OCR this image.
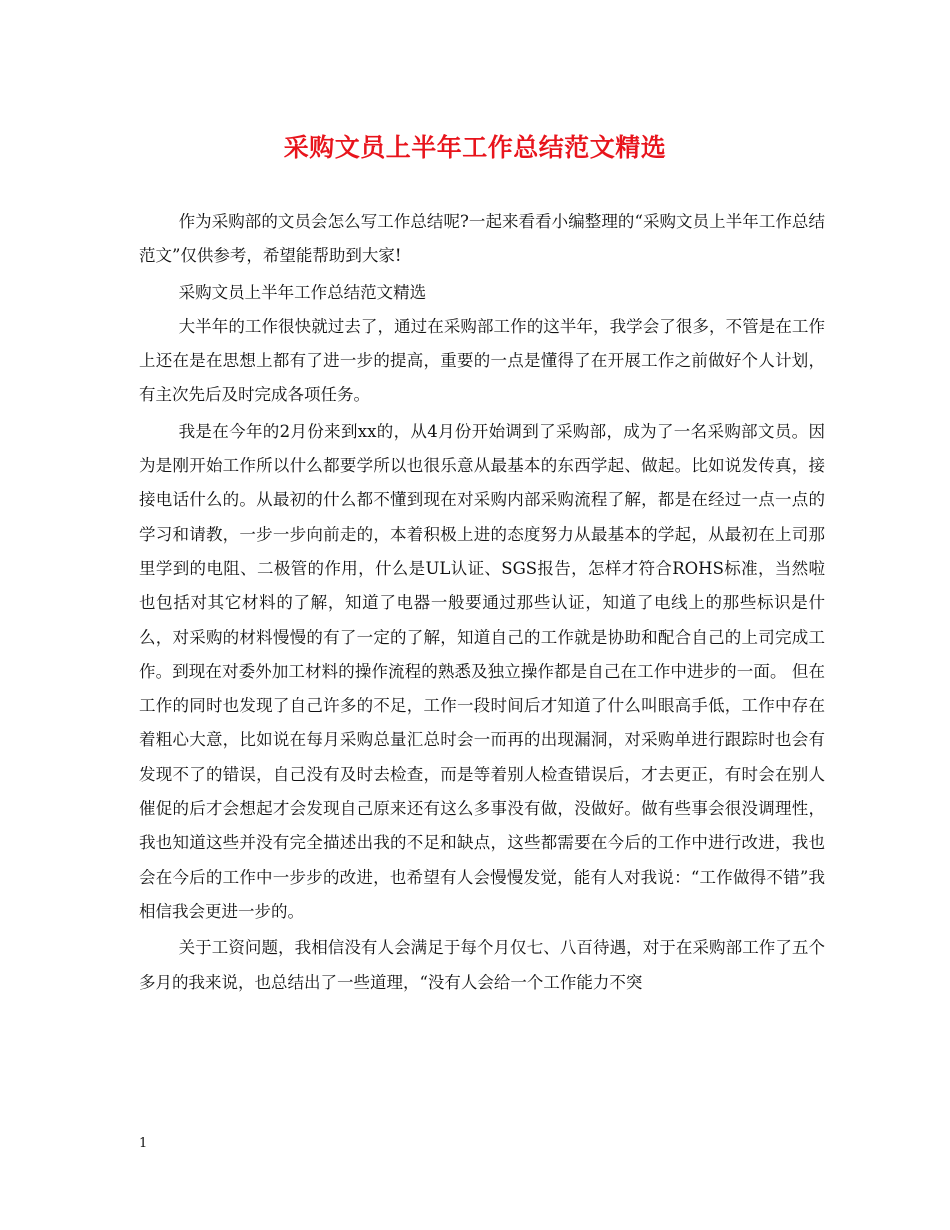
采购文员上半年工作总结范文精选

作为采购部的文员会怎么写工作总结呢?一起来看看小编整理的“采购文员上半年工作总结范文”仅供参考，希望能帮助到大家!

采购文员上半年工作总结范文精选

大半年的工作很快就过去了，通过在采购部工作的这半年，我学会了很多，不管是在工作上还在是在思想上都有了进一步的提高，重要的一点是懂得了在开展工作之前做好个人计划，有主次先后及时完成各项任务。

我是在今年的2月份来到xx的，从4月份开始调到了采购部，成为了一名采购部文员。因为是刚开始工作所以什么都要学所以也很乐意从最基本的东西学起、做起。比如说发传真，接接电话什么的。从最初的什么都不懂到现在对采购内部采购流程了解，都是在经过一点一点的学习和请教，一步一步向前走的，本着积极上进的态度努力从最基本的学起，从最初在上司那里学到的电阻、二极管的作用，什么是UL认证、SGS报告，怎样才符合ROHS标准，当然啦也包括对其它材料的了解，知道了电器一般要通过那些认证，知道了电线上的那些标识是什么，对采购的材料慢慢的有了一定的了解，知道自己的工作就是协助和配合自己的上司完成工作。到现在对委外加工材料的操作流程的熟悉及独立操作都是自己在工作中进步的一面。 但在工作的同时也发现了自己许多的不足，工作一段时间后才知道了什么叫眼高手低，工作中存在着粗心大意，比如说在每月采购总量汇总时会一而再的出现漏洞，对采购单进行跟踪时也会有发现不了的错误，自己没有及时去检查，而是等着别人检查错误后，才去更正，有时会在别人催促的后才会想起才会发现自己原来还有这么多事没有做，没做好。做有些事会很没调理性，我也知道这些并没有完全描述出我的不足和缺点，这些都需要在今后的工作中进行改进，我也会在今后的工作中一步步的改进，也希望有人会慢慢发觉，能有人对我说：“工作做得不错”我相信我会更进一步的。

关于工资问题，我相信没有人会满足于每个月仅七、八百待遇，对于在采购部工作了五个多月的我来说，也总结出了一些道理，“没有人会给一个工作能力不突

1
